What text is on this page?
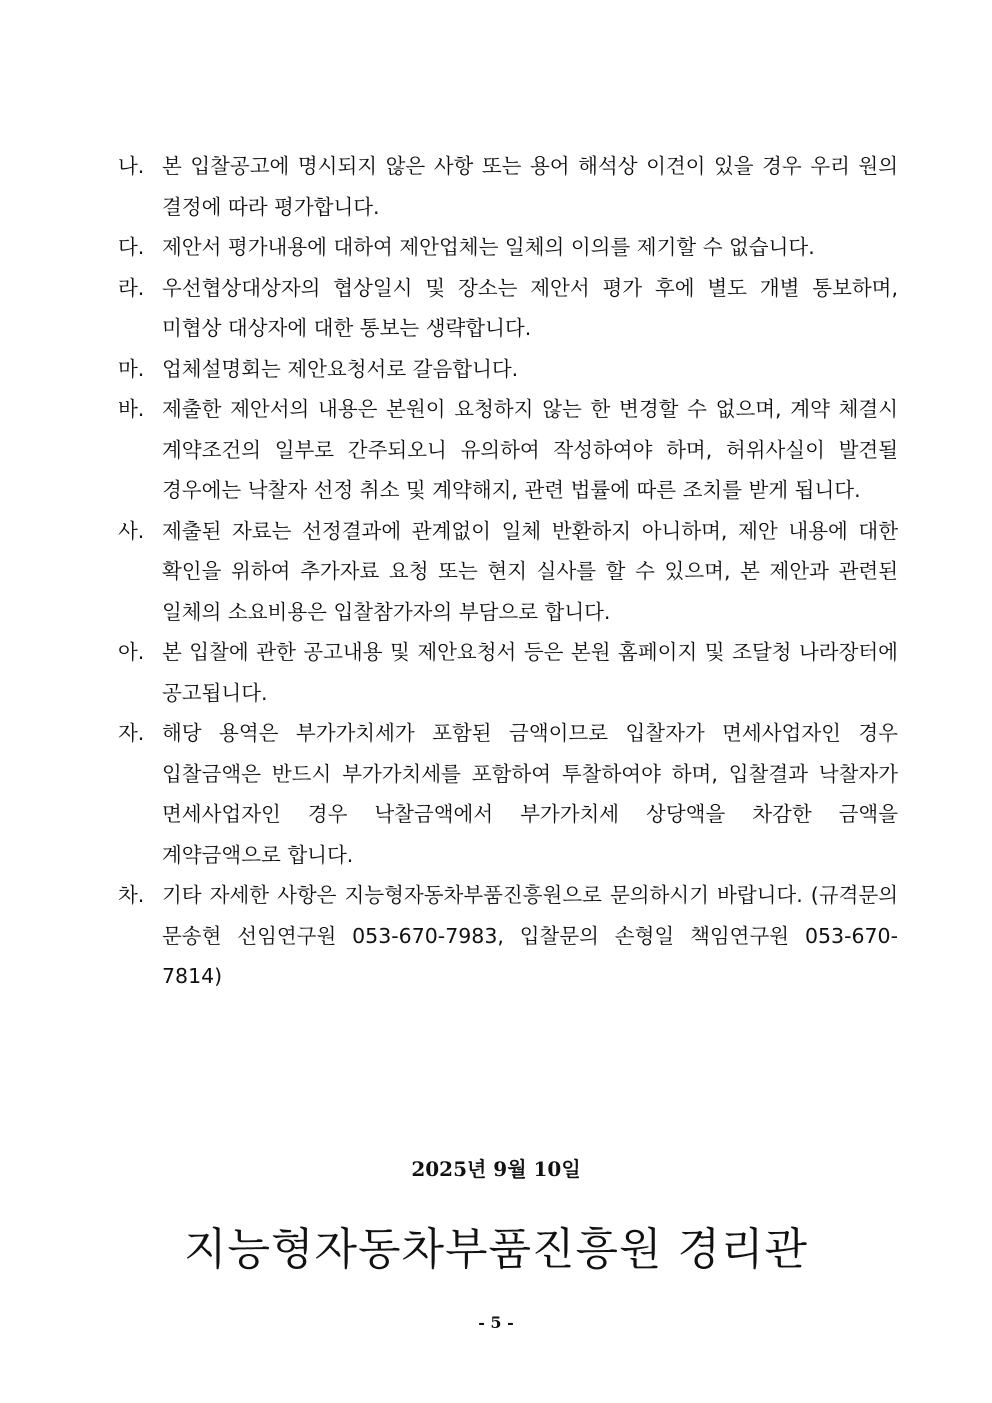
나. 본 입찰공고에 명시되지 않은 사항 또는 용어 해석상 이견이 있을 경우 우리 원의 결정에 따라 평가합니다.
다. 제안서 평가내용에 대하여 제안업체는 일체의 이의를 제기할 수 없습니다.
라. 우선협상대상자의 협상일시 및 장소는 제안서 평가 후에 별도 개별 통보하며, 미협상 대상자에 대한 통보는 생략합니다.
마. 업체설명회는 제안요청서로 갈음합니다.
바. 제출한 제안서의 내용은 본원이 요청하지 않는 한 변경할 수 없으며, 계약 체결시 계약조건의 일부로 간주되오니 유의하여 작성하여야 하며, 허위사실이 발견될 경우에는 낙찰자 선정 취소 및 계약해지, 관련 법률에 따른 조치를 받게 됩니다.
사. 제출된 자료는 선정결과에 관계없이 일체 반환하지 아니하며, 제안 내용에 대한 확인을 위하여 추가자료 요청 또는 현지 실사를 할 수 있으며, 본 제안과 관련된 일체의 소요비용은 입찰참가자의 부담으로 합니다.
아. 본 입찰에 관한 공고내용 및 제안요청서 등은 본원 홈페이지 및 조달청 나라장터에 공고됩니다.
자. 해당 용역은 부가가치세가 포함된 금액이므로 입찰자가 면세사업자인 경우 입찰금액은 반드시 부가가치세를 포함하여 투찰하여야 하며, 입찰결과 낙찰자가 면세사업자인 경우 낙찰금액에서 부가가치세 상당액을 차감한 금액을 계약금액으로 합니다.
차. 기타 자세한 사항은 지능형자동차부품진흥원으로 문의하시기 바랍니다. (규격문의 문송현 선임연구원 053-670-7983, 입찰문의 손형일 책임연구원 053-670-7814)
2025년 9월 10일
지능형자동차부품진흥원 경리관
- 5 -
